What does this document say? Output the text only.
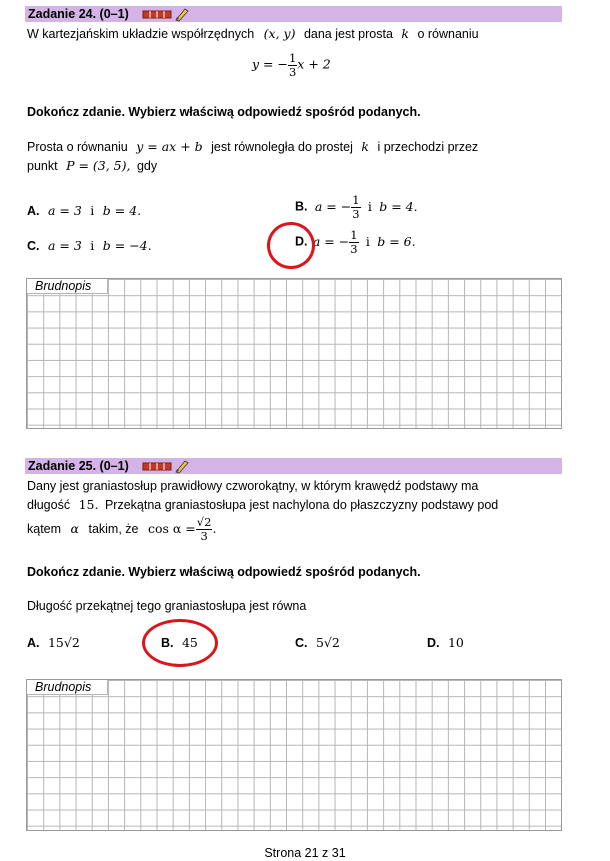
Zadanie 24. (0–1)
W kartezjańskim układzie współrzędnych (x, y) dana jest prosta k o równaniu
y = − $\frac{1}{3}$ x + 2
Dokończ zdanie. Wybierz właściwą odpowiedź spośród podanych.
Prosta o równaniu y = ax + b jest równoległa do prostej k i przechodzi przez
punkt P = (3, 5), gdy
A. a = 3 i b = 4.	B. a = − $\frac{1}{3}$ i b = 4.
C. a = 3 i b = −4.	D. a = − $\frac{1}{3}$ i b = 6.
Brudnopis
Zadanie 25. (0–1)
Dany jest graniastosłup prawidłowy czworokątny, w którym krawędź podstawy ma
długość 15. Przekątna graniastosłupa jest nachylona do płaszczyzny podstawy pod
kątem α takim, że $\cos \alpha = \frac{√2}{3}$ .
Dokończ zdanie. Wybierz właściwą odpowiedź spośród podanych.
Długość przekątnej tego graniastosłupa jest równa
A. 15√2	B. 45	C. 5√2	D. 10
Brudnopis
Strona 21 z 31
